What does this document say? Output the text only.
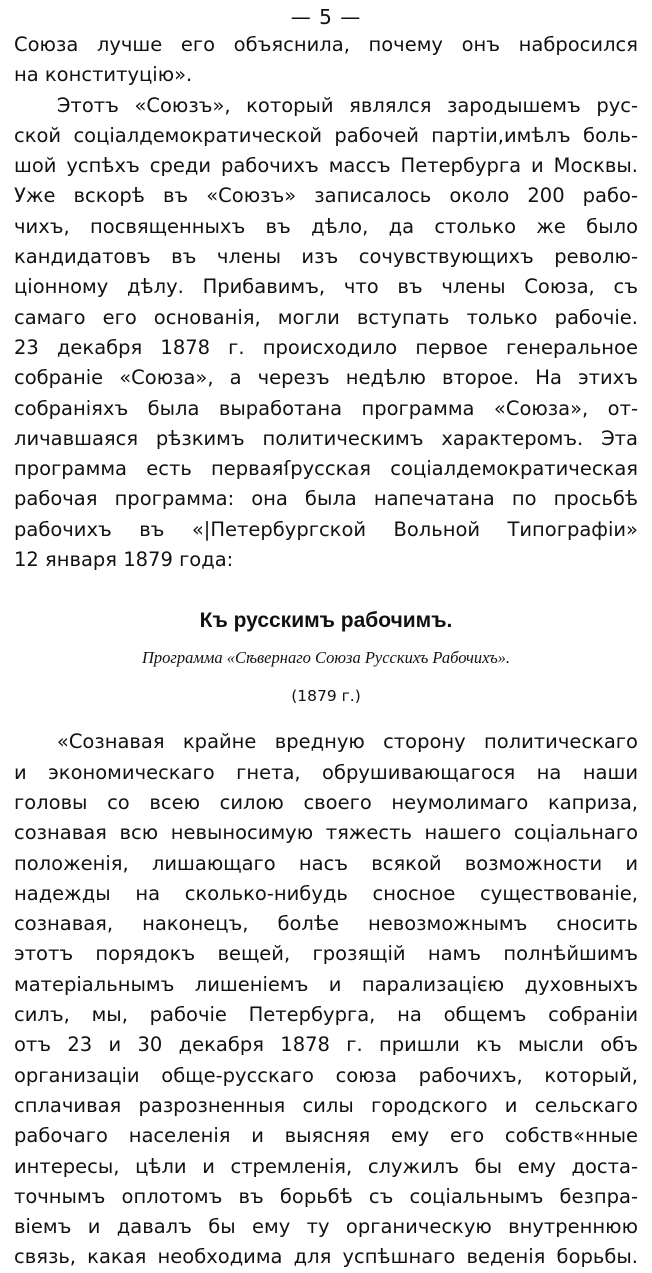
— 5 —
Союза лучше его объяснила, почему онъ набросился
на конституцію».
Этотъ «Союзъ», который являлся зародышемъ рус-
ской соціалдемократической рабочей партіи,имѣлъ боль-
шой успѣхъ среди рабочихъ массъ Петербурга и Москвы.
Уже вскорѣ въ «Союзъ» записалось около 200 рабо-
чихъ, посвященныхъ въ дѣло, да столько же было
кандидатовъ въ члены изъ сочувствующихъ револю-
ціонному дѣлу. Прибавимъ, что въ члены Союза, съ
самаго его основанія, могли вступать только рабочіе.
23 декабря 1878 г. происходило первое генеральное
собраніе «Союза», а черезъ недѣлю второе. На этихъ
собраніяхъ была выработана программа «Союза», от-
личавшаяся рѣзкимъ политическимъ характеромъ. Эта
программа есть перваяſрусская соціалдемократическая
рабочая программа: она была напечатана по просьбѣ
рабочихъ въ «|Петербургской Вольной Типографіи»
12 января 1879 года:
Къ русскимъ рабочимъ.
Программа «Сѣвернаго Союза Русскихъ Рабочихъ».
(1879 г.)
«Сознавая крайне вредную сторону политическаго
и экономическаго гнета, обрушивающагося на наши
головы со всею силою своего неумолимаго каприза,
сознавая всю невыносимую тяжесть нашего соціальнаго
положенія, лишающаго насъ всякой возможности и
надежды на сколько-нибудь сносное существованіе,
сознавая, наконецъ, болѣе невозможнымъ сносить
этотъ порядокъ вещей, грозящій намъ полнѣйшимъ
матеріальнымъ лишеніемъ и парализацією духовныхъ
силъ, мы, рабочіе Петербурга, на общемъ собраніи
отъ 23 и 30 декабря 1878 г. пришли къ мысли объ
организаціи обще-русскаго союза рабочихъ, который,
сплачивая разрозненныя силы городского и сельскаго
рабочаго населенія и выясняя ему его собств«нные
интересы, цѣли и стремленія, служилъ бы ему доста-
точнымъ оплотомъ въ борьбѣ съ соціальнымъ безпра-
віемъ и давалъ бы ему ту органическую внутреннюю
связь, какая необходима для успѣшнаго веденія борьбы.
